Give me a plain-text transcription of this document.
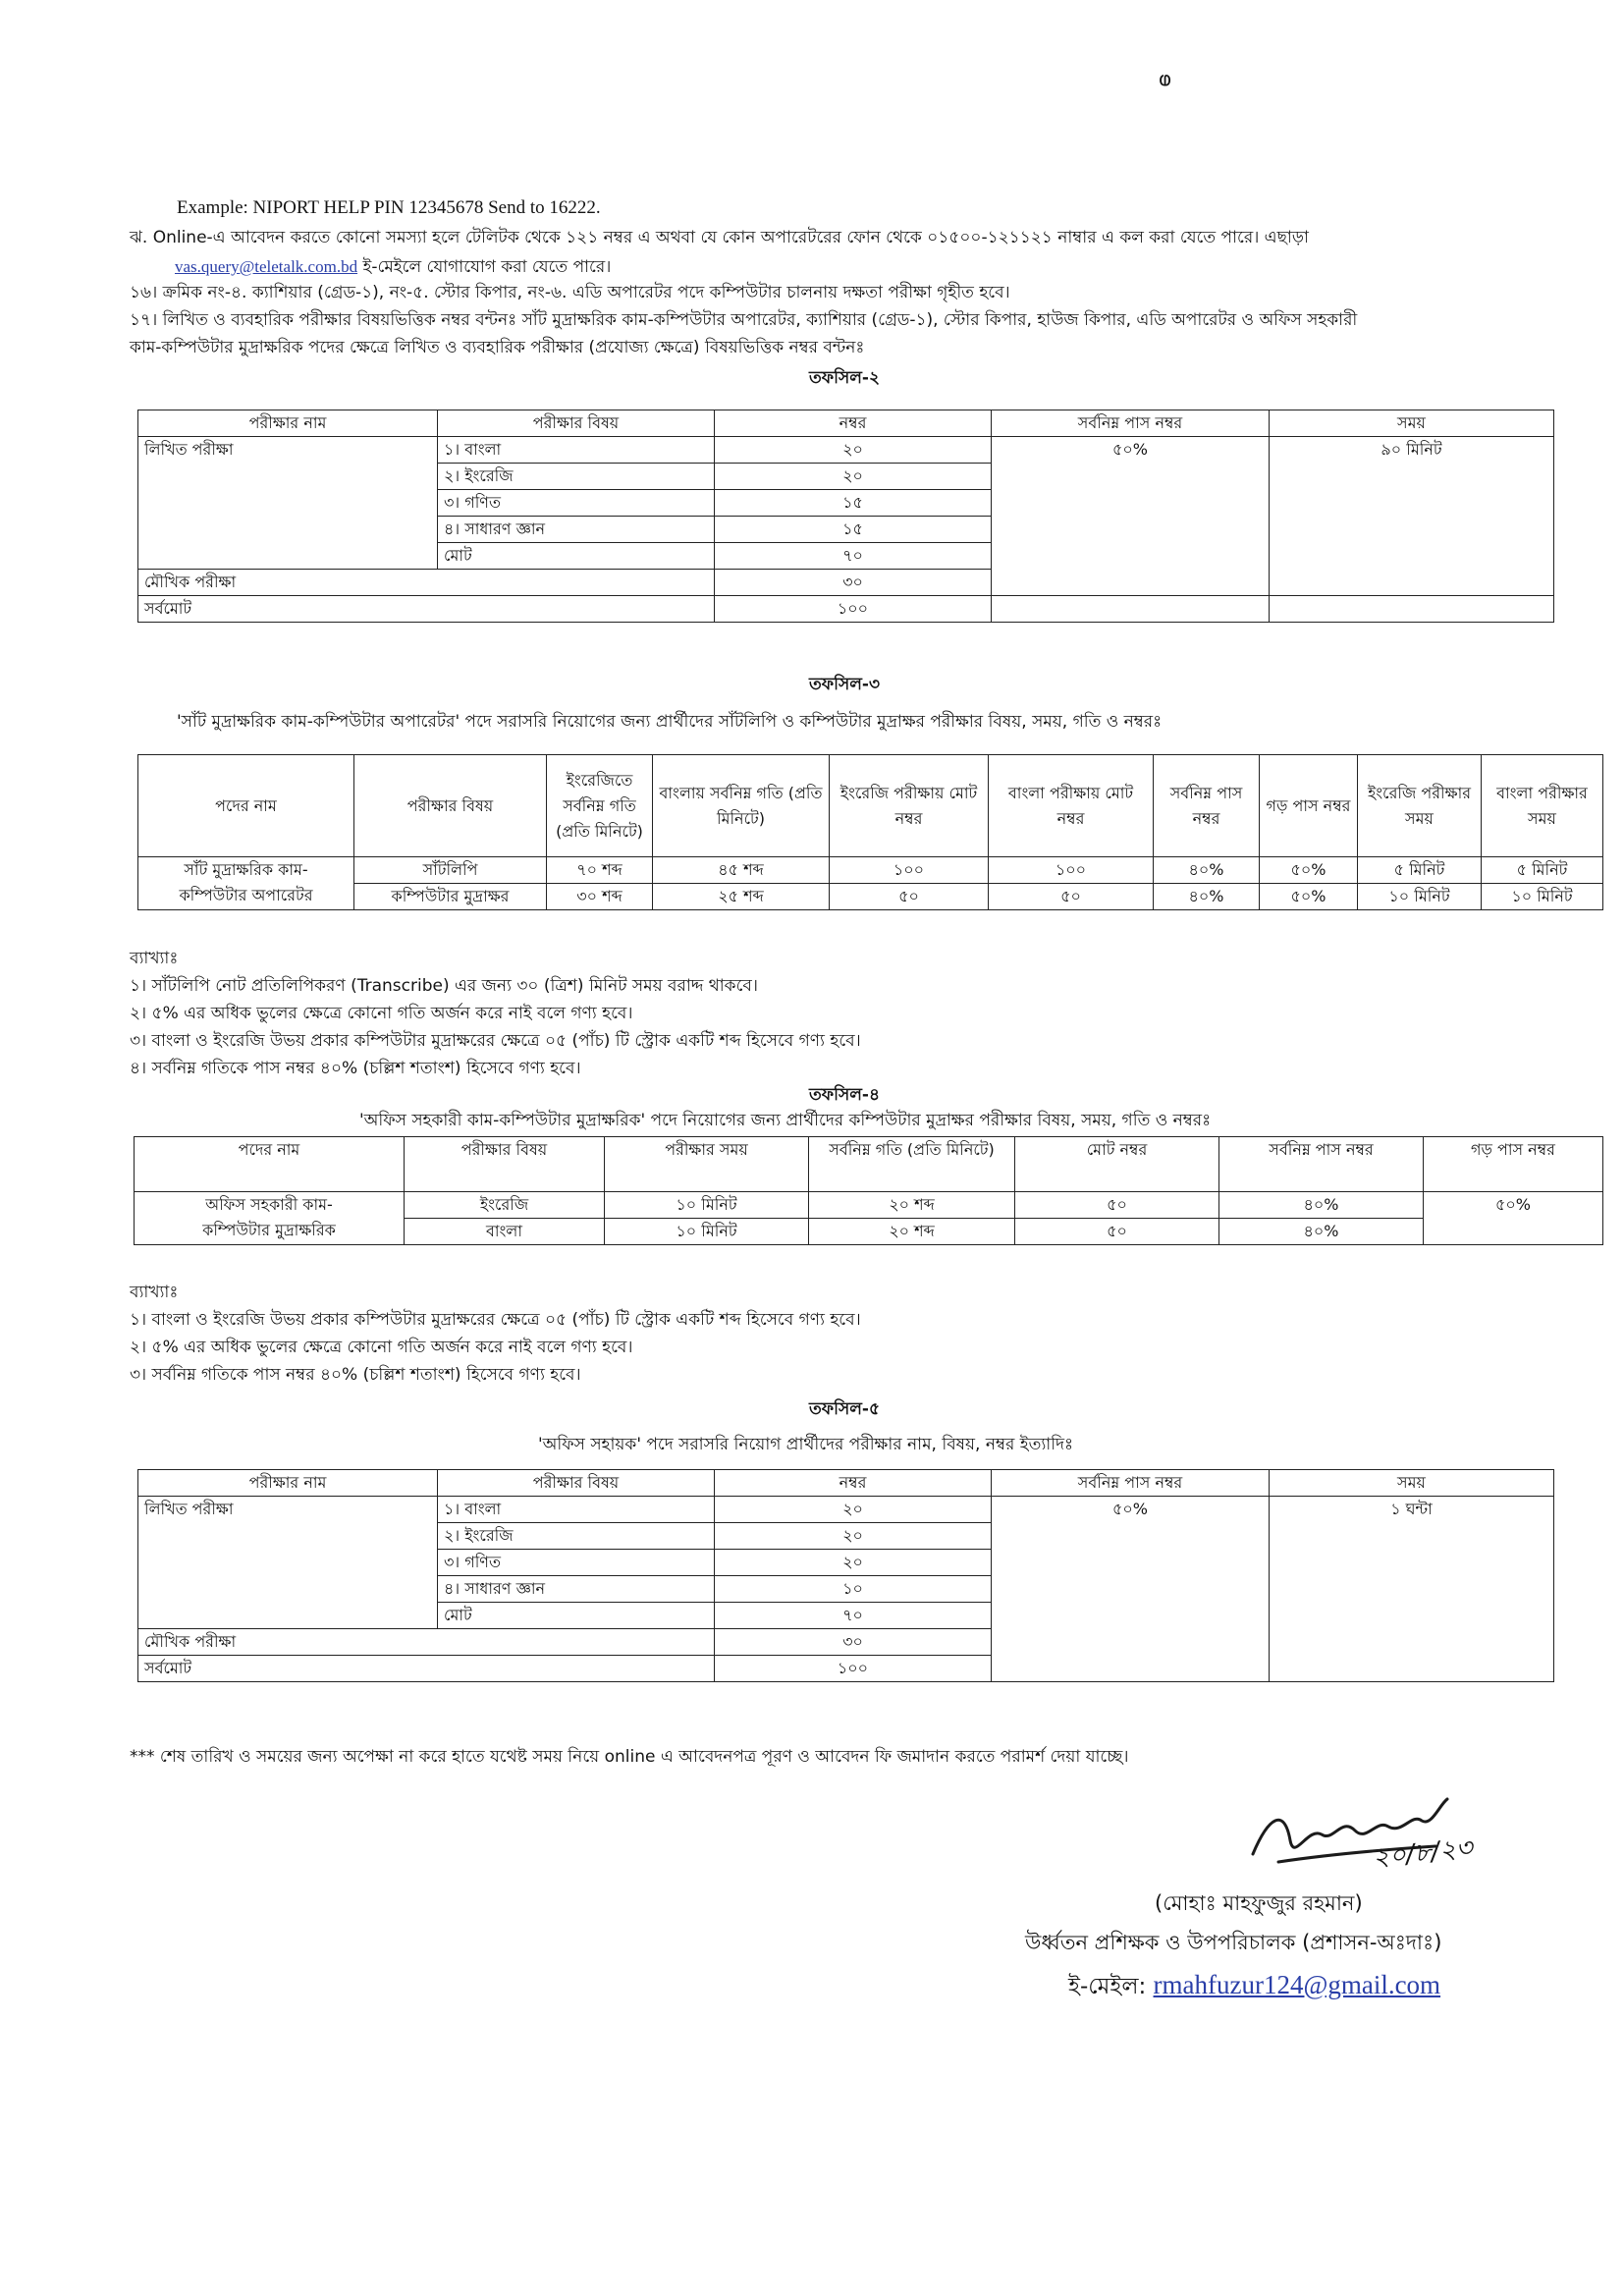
ⱷ
Example: NIPORT HELP PIN 12345678 Send to 16222.
ঝ. Online-এ আবেদন করতে কোনো সমস্যা হলে টেলিটক থেকে ১২১ নম্বর এ অথবা যে কোন অপারেটরের ফোন থেকে ০১৫০০-১২১১২১ নাম্বার এ কল করা যেতে পারে। এছাড়া
vas.query@teletalk.com.bd ই-মেইলে যোগাযোগ করা যেতে পারে।
১৬। ক্রমিক নং-৪. ক্যাশিয়ার (গ্রেড-১), নং-৫. স্টোর কিপার, নং-৬. এডি অপারেটর পদে কম্পিউটার চালনায় দক্ষতা পরীক্ষা গৃহীত হবে।
১৭। লিখিত ও ব্যবহারিক পরীক্ষার বিষয়ভিত্তিক নম্বর বন্টনঃ সাঁট মুদ্রাক্ষরিক কাম-কম্পিউটার অপারেটর, ক্যাশিয়ার (গ্রেড-১), স্টোর কিপার, হাউজ কিপার, এডি অপারেটর ও অফিস সহকারী
কাম-কম্পিউটার মুদ্রাক্ষরিক পদের ক্ষেত্রে লিখিত ও ব্যবহারিক পরীক্ষার (প্রযোজ্য ক্ষেত্রে) বিষয়ভিত্তিক নম্বর বন্টনঃ
তফসিল-২
পরীক্ষার নাম	পরীক্ষার বিষয়	নম্বর	সর্বনিম্ন পাস নম্বর	সময়
লিখিত পরীক্ষা	১। বাংলা	২০	৫০%	৯০ মিনিট
	২। ইংরেজি	২০		
	৩। গণিত	১৫		
	৪। সাধারণ জ্ঞান	১৫		
	মোট	৭০		
মৌখিক পরীক্ষা		৩০		
সর্বমোট		১০০		
তফসিল-৩
'সাঁট মুদ্রাক্ষরিক কাম-কম্পিউটার অপারেটর' পদে সরাসরি নিয়োগের জন্য প্রার্থীদের সাঁটলিপি ও কম্পিউটার মুদ্রাক্ষর পরীক্ষার বিষয়, সময়, গতি ও নম্বরঃ
পদের নাম	পরীক্ষার বিষয়	ইংরেজিতে সর্বনিম্ন গতি (প্রতি মিনিটে)	বাংলায় সর্বনিম্ন গতি (প্রতি মিনিটে)	ইংরেজি পরীক্ষায় মোট নম্বর	বাংলা পরীক্ষায় মোট নম্বর	সর্বনিম্ন পাস নম্বর	গড় পাস নম্বর	ইংরেজি পরীক্ষার সময়	বাংলা পরীক্ষার সময়

সাঁট মুদ্রাক্ষরিক কাম-
কম্পিউটার অপারেটর	সাঁটলিপি	৭০ শব্দ	৪৫ শব্দ	১০০	১০০	৪০%	৫০%	৫ মিনিট	৫ মিনিট
	কম্পিউটার মুদ্রাক্ষর	৩০ শব্দ	২৫ শব্দ	৫০	৫০	৪০%	৫০%	১০ মিনিট	১০ মিনিট
ব্যাখ্যাঃ
১। সাঁটলিপি নোট প্রতিলিপিকরণ (Transcribe) এর জন্য ৩০ (ত্রিশ) মিনিট সময় বরাদ্দ থাকবে।
২। ৫% এর অধিক ভুলের ক্ষেত্রে কোনো গতি অর্জন করে নাই বলে গণ্য হবে।
৩। বাংলা ও ইংরেজি উভয় প্রকার কম্পিউটার মুদ্রাক্ষরের ক্ষেত্রে ০৫ (পাঁচ) টি স্ট্রোক একটি শব্দ হিসেবে গণ্য হবে।
৪। সর্বনিম্ন গতিকে পাস নম্বর ৪০% (চল্লিশ শতাংশ) হিসেবে গণ্য হবে।
তফসিল-৪
'অফিস সহকারী কাম-কম্পিউটার মুদ্রাক্ষরিক' পদে নিয়োগের জন্য প্রার্থীদের কম্পিউটার মুদ্রাক্ষর পরীক্ষার বিষয়, সময়, গতি ও নম্বরঃ
পদের নাম	পরীক্ষার বিষয়	পরীক্ষার সময়	সর্বনিম্ন গতি (প্রতি মিনিটে)	মোট নম্বর	সর্বনিম্ন পাস নম্বর	গড় পাস নম্বর

অফিস সহকারী কাম-
কম্পিউটার মুদ্রাক্ষরিক	ইংরেজি	১০ মিনিট	২০ শব্দ	৫০	৪০%	৫০%
	বাংলা	১০ মিনিট	২০ শব্দ	৫০	৪০%	
ব্যাখ্যাঃ
১। বাংলা ও ইংরেজি উভয় প্রকার কম্পিউটার মুদ্রাক্ষরের ক্ষেত্রে ০৫ (পাঁচ) টি স্ট্রোক একটি শব্দ হিসেবে গণ্য হবে।
২। ৫% এর অধিক ভুলের ক্ষেত্রে কোনো গতি অর্জন করে নাই বলে গণ্য হবে।
৩। সর্বনিম্ন গতিকে পাস নম্বর ৪০% (চল্লিশ শতাংশ) হিসেবে গণ্য হবে।
তফসিল-৫
'অফিস সহায়ক' পদে সরাসরি নিয়োগ প্রার্থীদের পরীক্ষার নাম, বিষয়, নম্বর ইত্যাদিঃ
পরীক্ষার নাম	পরীক্ষার বিষয়	নম্বর	সর্বনিম্ন পাস নম্বর	সময়
লিখিত পরীক্ষা	১। বাংলা	২০	৫০%	১ ঘন্টা
	২। ইংরেজি	২০		
	৩। গণিত	২০		
	৪। সাধারণ জ্ঞান	১০		
	মোট	৭০		
মৌখিক পরীক্ষা		৩০		
সর্বমোট		১০০		
*** শেষ তারিখ ও সময়ের জন্য অপেক্ষা না করে হাতে যথেষ্ট সময় নিয়ে online এ আবেদনপত্র পূরণ ও আবেদন ফি জমাদান করতে পরামর্শ দেয়া যাচ্ছে।
২০/৮/২৩
(মোহাঃ মাহফুজুর রহমান)
উর্ধ্বতন প্রশিক্ষক ও উপপরিচালক (প্রশাসন-অঃদাঃ)
ই-মেইল: rmahfuzur124@gmail.com
